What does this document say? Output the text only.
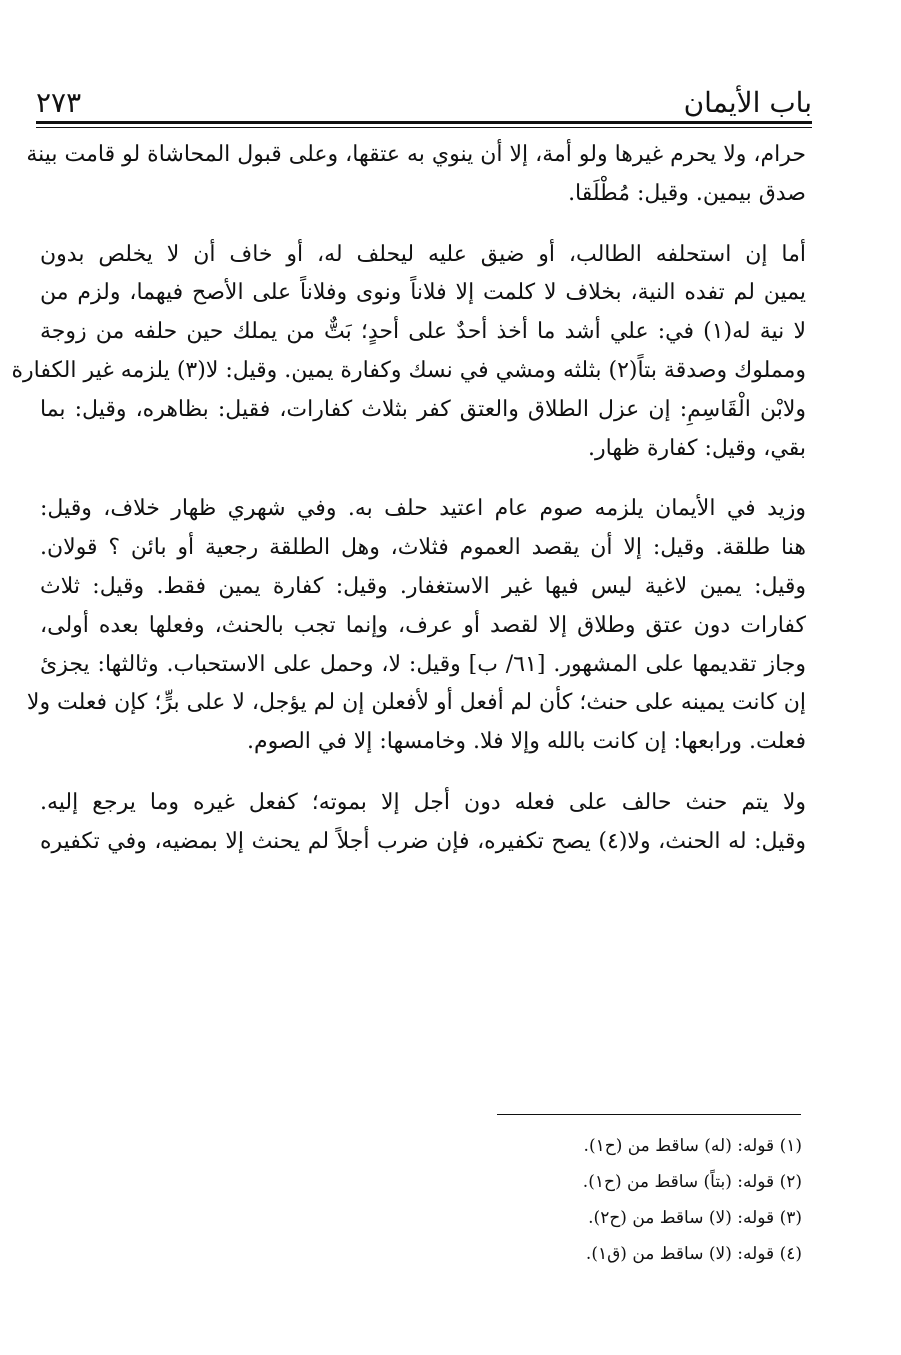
٢٧٣	باب الأيمان
حرام، ولا يحرم غيرها ولو أمة، إلا أن ينوي به عتقها، وعلى قبول المحاشاة لو قامت بينة
صدق بيمين. وقيل: مُطْلَقا.
أما إن استحلفه الطالب، أو ضيق عليه ليحلف له، أو خاف أن لا يخلص بدون
يمين لم تفده النية، بخلاف لا كلمت إلا فلاناً ونوى وفلاناً على الأصح فيهما، ولزم من
لا نية له(١) في: علي أشد ما أخذ أحدٌ على أحدٍ؛ بَتٌّ من يملك حين حلفه من زوجة
ومملوك وصدقة بتاً(٢) بثلثه ومشي في نسك وكفارة يمين. وقيل: لا(٣) يلزمه غير الكفارة
ولابْن الْقَاسِمِ: إن عزل الطلاق والعتق كفر بثلاث كفارات، فقيل: بظاهره، وقيل: بما
بقي، وقيل: كفارة ظهار.
وزيد في الأيمان يلزمه صوم عام اعتيد حلف به. وفي شهري ظهار خلاف، وقيل:
هنا طلقة. وقيل: إلا أن يقصد العموم فثلاث، وهل الطلقة رجعية أو بائن ؟ قولان.
وقيل: يمين لاغية ليس فيها غير الاستغفار. وقيل: كفارة يمين فقط. وقيل: ثلاث
كفارات دون عتق وطلاق إلا لقصد أو عرف، وإنما تجب بالحنث، وفعلها بعده أولى،
وجاز تقديمها على المشهور. [٦١/ ب] وقيل: لا، وحمل على الاستحباب. وثالثها: يجزئ
إن كانت يمينه على حنث؛ كأن لم أفعل أو لأفعلن إن لم يؤجل، لا على برٍّ؛ كإن فعلت ولا
فعلت. ورابعها: إن كانت بالله وإلا فلا. وخامسها: إلا في الصوم.
ولا يتم حنث حالف على فعله دون أجل إلا بموته؛ كفعل غيره وما يرجع إليه.
وقيل: له الحنث، ولا(٤) يصح تكفيره، فإن ضرب أجلاً لم يحنث إلا بمضيه، وفي تكفيره
(١) قوله: (له) ساقط من (ح١).
(٢) قوله: (بتاً) ساقط من (ح١).
(٣) قوله: (لا) ساقط من (ح٢).
(٤) قوله: (لا) ساقط من (ق١).
